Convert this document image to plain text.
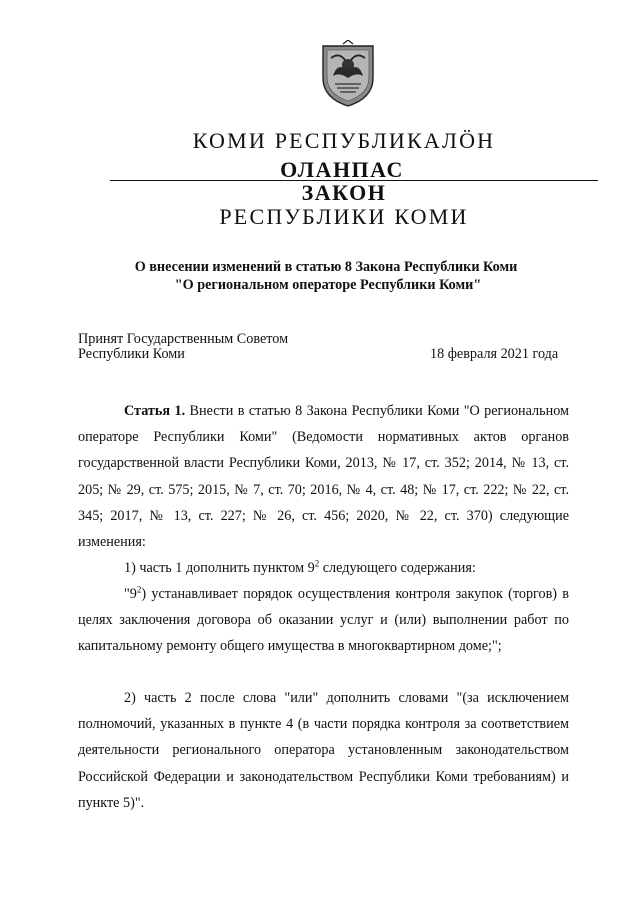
КОМИ РЕСПУБЛИКАЛÖН
ОЛАНПАС
ЗАКОН
РЕСПУБЛИКИ КОМИ
О внесении изменений в статью 8 Закона Республики Коми
"О региональном операторе Республики Коми"
Принят Государственным Советом
Республики Коми	18 февраля 2021 года
Статья 1. Внести в статью 8 Закона Республики Коми "О региональном операторе Республики Коми" (Ведомости нормативных актов органов государственной власти Республики Коми, 2013, № 17, ст. 352; 2014, № 13, ст. 205; № 29, ст. 575; 2015, № 7, ст. 70; 2016, № 4, ст. 48; № 17, ст. 222; № 22, ст. 345; 2017, № 13, ст. 227; № 26, ст. 456; 2020, № 22, ст. 370) следующие изменения:
1) часть 1 дополнить пунктом $9^2$ следующего содержания:
"$9^2$) устанавливает порядок осуществления контроля закупок (торгов) в целях заключения договора об оказании услуг и (или) выполнении работ по капитальному ремонту общего имущества в многоквартирном доме;";
2) часть 2 после слова "или" дополнить словами "(за исключением полномочий, указанных в пункте 4 (в части порядка контроля за соответствием деятельности регионального оператора установленным законодательством Российской Федерации и законодательством Республики Коми требованиям) и пункте 5)".
